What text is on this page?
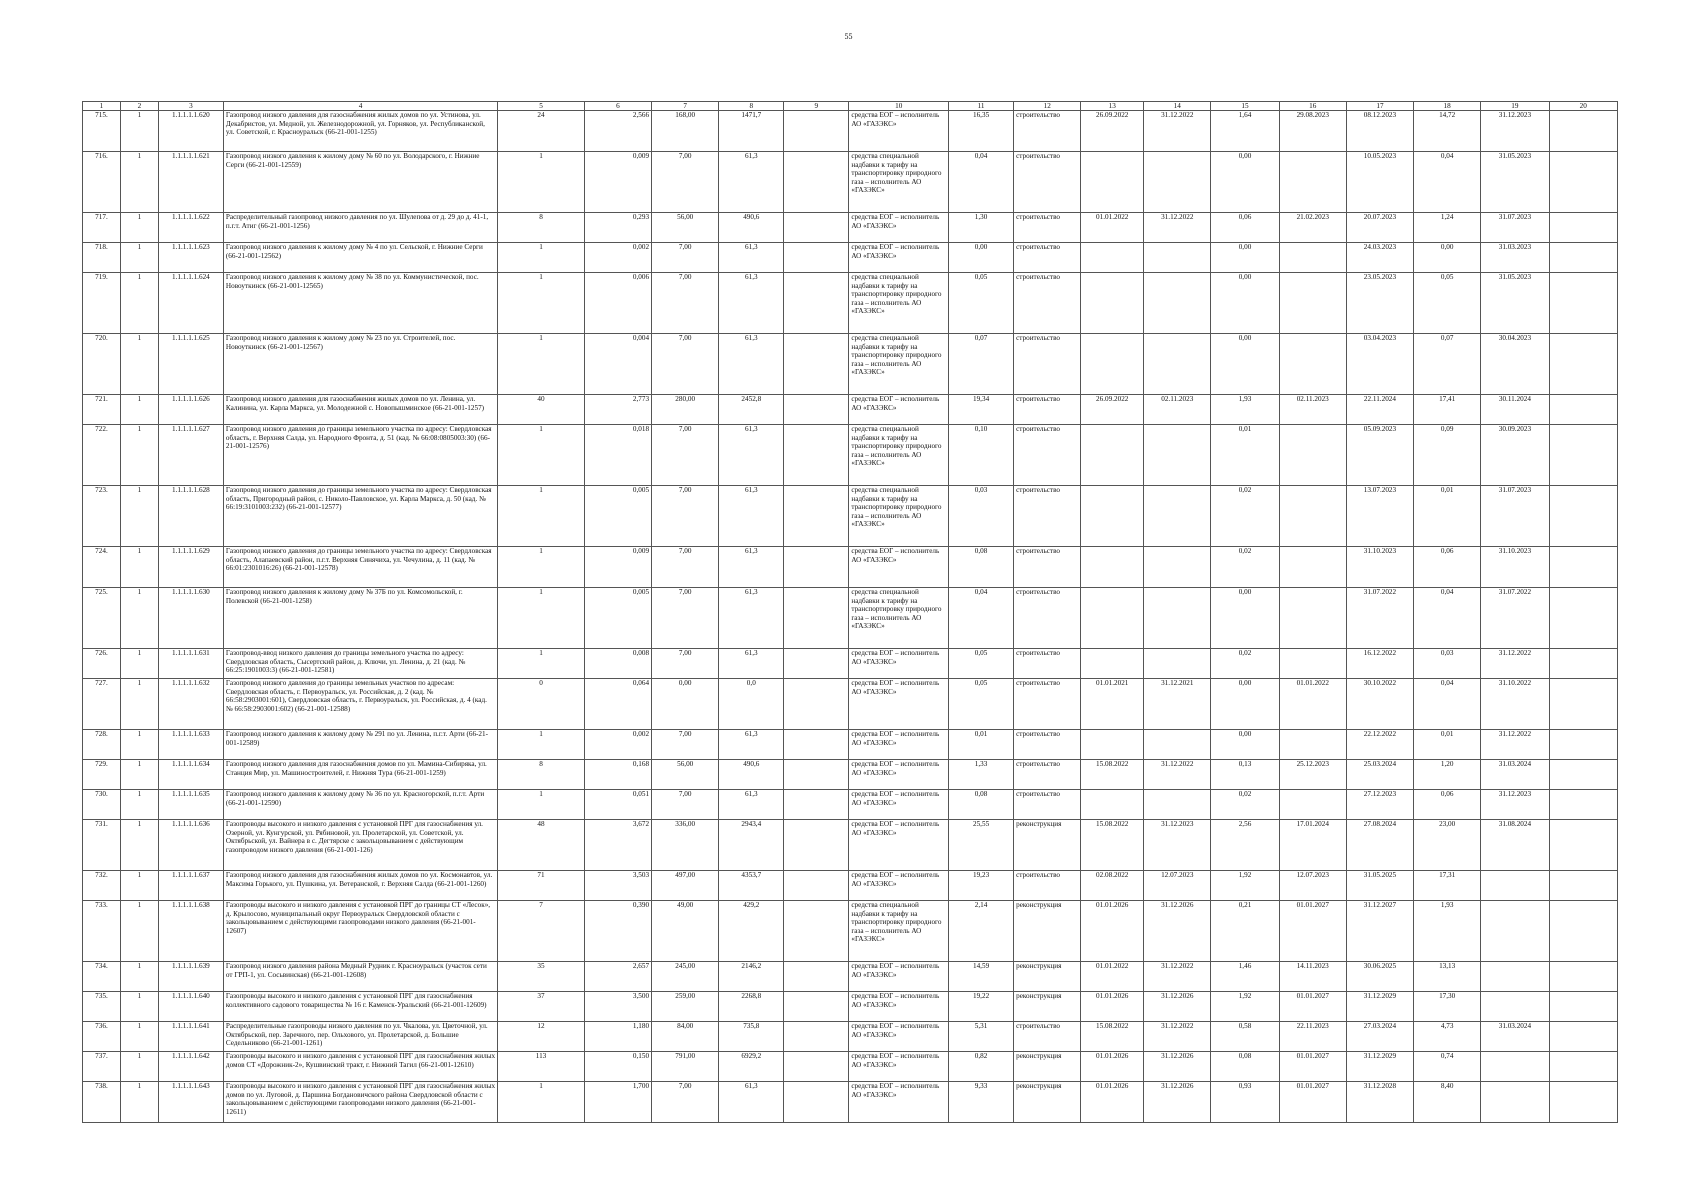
55
1	2	3	4	5	6	7	8	9	10	11	12	13	14	15	16	17	18	19	20
715.	1	1.1.1.1.1.620	Газопровод низкого давления для газоснабжения жилых домов по ул. Устинова, ул. Декабристов, ул. Медной, ул. Железнодорожной, ул. Горняков, ул. Республиканской, ул. Советской, г. Красноуральск (66-21-001-1255)	24	2,566	168,00	1471,7		средства ЕОГ – исполнитель АО «ГАЗЭКС»	16,35	строительство	26.09.2022	31.12.2022	1,64	29.08.2023	08.12.2023	14,72	31.12.2023	
716.	1	1.1.1.1.1.621	Газопровод низкого давления к жилому дому № 60 по ул. Володарского, г. Нижние Серги (66-21-001-12559)	1	0,009	7,00	61,3		средства специальной надбавки к тарифу на транспортировку природного газа – исполнитель АО «ГАЗЭКС»	0,04	строительство			0,00		10.05.2023	0,04	31.05.2023	
717.	1	1.1.1.1.1.622	Распределительный газопровод низкого давления по ул. Шулепова от д. 29 до д. 41-1, п.г.т. Атиг (66-21-001-1256)	8	0,293	56,00	490,6		средства ЕОГ – исполнитель АО «ГАЗЭКС»	1,30	строительство	01.01.2022	31.12.2022	0,06	21.02.2023	20.07.2023	1,24	31.07.2023	
718.	1	1.1.1.1.1.623	Газопровод низкого давления к жилому дому № 4 по ул. Сельской, г. Нижние Серги (66-21-001-12562)	1	0,002	7,00	61,3		средства ЕОГ – исполнитель АО «ГАЗЭКС»	0,00	строительство			0,00		24.03.2023	0,00	31.03.2023	
719.	1	1.1.1.1.1.624	Газопровод низкого давления к жилому дому № 38 по ул. Коммунистической, пос. Новоуткинск (66-21-001-12565)	1	0,006	7,00	61,3		средства специальной надбавки к тарифу на транспортировку природного газа – исполнитель АО «ГАЗЭКС»	0,05	строительство			0,00		23.05.2023	0,05	31.05.2023	
720.	1	1.1.1.1.1.625	Газопровод низкого давления к жилому дому № 23 по ул. Строителей, пос. Новоуткинск (66-21-001-12567)	1	0,004	7,00	61,3		средства специальной надбавки к тарифу на транспортировку природного газа – исполнитель АО «ГАЗЭКС»	0,07	строительство			0,00		03.04.2023	0,07	30.04.2023	
721.	1	1.1.1.1.1.626	Газопровод низкого давления для газоснабжения жилых домов по ул. Ленина, ул. Калинина, ул. Карла Маркса, ул. Молодежной с. Новопышминское (66-21-001-1257)	40	2,773	280,00	2452,8		средства ЕОГ – исполнитель АО «ГАЗЭКС»	19,34	строительство	26.09.2022	02.11.2023	1,93	02.11.2023	22.11.2024	17,41	30.11.2024	
722.	1	1.1.1.1.1.627	Газопровод низкого давления до границы земельного участка по адресу: Свердловская область, г. Верхняя Салда, ул. Народного Фронта, д. 51 (кад. № 66:08:0805003:30) (66-21-001-12576)	1	0,018	7,00	61,3		средства специальной надбавки к тарифу на транспортировку природного газа – исполнитель АО «ГАЗЭКС»	0,10	строительство			0,01		05.09.2023	0,09	30.09.2023	
723.	1	1.1.1.1.1.628	Газопровод низкого давления до границы земельного участка по адресу: Свердловская область, Пригородный район, с. Николо-Павловское, ул. Карла Маркса, д. 50 (кад. № 66:19:3101003:232) (66-21-001-12577)	1	0,005	7,00	61,3		средства специальной надбавки к тарифу на транспортировку природного газа – исполнитель АО «ГАЗЭКС»	0,03	строительство			0,02		13.07.2023	0,01	31.07.2023	
724.	1	1.1.1.1.1.629	Газопровод низкого давления до границы земельного участка по адресу: Свердловская область, Алапаевский район, п.г.т. Верхняя Синячиха, ул. Чечулина, д. 11 (кад. № 66:01:2301016:26) (66-21-001-12578)	1	0,009	7,00	61,3		средства ЕОГ – исполнитель АО «ГАЗЭКС»	0,08	строительство			0,02		31.10.2023	0,06	31.10.2023	
725.	1	1.1.1.1.1.630	Газопровод низкого давления к жилому дому № 37Б по ул. Комсомольской, г. Полевской (66-21-001-1258)	1	0,005	7,00	61,3		средства специальной надбавки к тарифу на транспортировку природного газа – исполнитель АО «ГАЗЭКС»	0,04	строительство			0,00		31.07.2022	0,04	31.07.2022	
726.	1	1.1.1.1.1.631	Газопровод-ввод низкого давления до границы земельного участка по адресу: Свердловская область, Сысертский район, д. Ключи, ул. Ленина, д. 21 (кад. № 66:25:1901003:3) (66-21-001-12581)	1	0,008	7,00	61,3		средства ЕОГ – исполнитель АО «ГАЗЭКС»	0,05	строительство			0,02		16.12.2022	0,03	31.12.2022	
727.	1	1.1.1.1.1.632	Газопровод низкого давления до границы земельных участков по адресам: Свердловская область, г. Первоуральск, ул. Российская, д. 2 (кад. № 66:58:2903001:601), Свердловская область, г. Первоуральск, ул. Российская, д. 4 (кад. № 66:58:2903001:602) (66-21-001-12588)	0	0,064	0,00	0,0		средства ЕОГ – исполнитель АО «ГАЗЭКС»	0,05	строительство	01.01.2021	31.12.2021	0,00	01.01.2022	30.10.2022	0,04	31.10.2022	
728.	1	1.1.1.1.1.633	Газопровод низкого давления к жилому дому № 291 по ул. Ленина, п.г.т. Арти (66-21-001-12589)	1	0,002	7,00	61,3		средства ЕОГ – исполнитель АО «ГАЗЭКС»	0,01	строительство			0,00		22.12.2022	0,01	31.12.2022	
729.	1	1.1.1.1.1.634	Газопровод низкого давления для газоснабжения домов по ул. Мамина-Сибиряка, ул. Станция Мир, ул. Машиностроителей, г. Нижняя Тура (66-21-001-1259)	8	0,168	56,00	490,6		средства ЕОГ – исполнитель АО «ГАЗЭКС»	1,33	строительство	15.08.2022	31.12.2022	0,13	25.12.2023	25.03.2024	1,20	31.03.2024	
730.	1	1.1.1.1.1.635	Газопровод низкого давления к жилому дому № 36 по ул. Красногорской, п.г.т. Арти (66-21-001-12590)	1	0,051	7,00	61,3		средства ЕОГ – исполнитель АО «ГАЗЭКС»	0,08	строительство			0,02		27.12.2023	0,06	31.12.2023	
731.	1	1.1.1.1.1.636	Газопроводы высокого и низкого давления с установкой ПРГ для газоснабжения ул. Озерной, ул. Кунгурской, ул. Рябиновой, ул. Пролетарской, ул. Советской, ул. Октябрьской, ул. Вайнера в с. Дегтярске с закольцовыванием с действующим газопроводом низкого давления (66-21-001-126)	48	3,672	336,00	2943,4		средства ЕОГ – исполнитель АО «ГАЗЭКС»	25,55	реконструкция	15.08.2022	31.12.2023	2,56	17.01.2024	27.08.2024	23,00	31.08.2024	
732.	1	1.1.1.1.1.637	Газопровод низкого давления для газоснабжения жилых домов по ул. Космонавтов, ул. Максима Горького, ул. Пушкина, ул. Ветеранской, г. Верхняя Салда (66-21-001-1260)	71	3,503	497,00	4353,7		средства ЕОГ – исполнитель АО «ГАЗЭКС»	19,23	строительство	02.08.2022	12.07.2023	1,92	12.07.2023	31.05.2025	17,31		
733.	1	1.1.1.1.1.638	Газопроводы высокого и низкого давления с установкой ПРГ до границы СТ «Лесок», д. Крылосово, муниципальный округ Первоуральск Свердловской области с закольцовыванием с действующими газопроводами низкого давления (66-21-001-12607)	7	0,390	49,00	429,2		средства специальной надбавки к тарифу на транспортировку природного газа – исполнитель АО «ГАЗЭКС»	2,14	реконструкция	01.01.2026	31.12.2026	0,21	01.01.2027	31.12.2027	1,93		
734.	1	1.1.1.1.1.639	Газопровод низкого давления района Медный Рудник г. Красноуральск (участок сети от ГРП-1, ул. Сосьвинская) (66-21-001-12608)	35	2,657	245,00	2146,2		средства ЕОГ – исполнитель АО «ГАЗЭКС»	14,59	реконструкция	01.01.2022	31.12.2022	1,46	14.11.2023	30.06.2025	13,13		
735.	1	1.1.1.1.1.640	Газопроводы высокого и низкого давления с установкой ПРГ для газоснабжения коллективного садового товарищества № 16 г. Каменск-Уральский (66-21-001-12609)	37	3,500	259,00	2268,8		средства ЕОГ – исполнитель АО «ГАЗЭКС»	19,22	реконструкция	01.01.2026	31.12.2026	1,92	01.01.2027	31.12.2029	17,30		
736.	1	1.1.1.1.1.641	Распределительные газопроводы низкого давления по ул. Чкалова, ул. Цветочной, ул. Октябрьской, пер. Заречного, пер. Ольхового, ул. Пролетарской, д. Большие Седельниково (66-21-001-1261)	12	1,180	84,00	735,8		средства ЕОГ – исполнитель АО «ГАЗЭКС»	5,31	строительство	15.08.2022	31.12.2022	0,58	22.11.2023	27.03.2024	4,73	31.03.2024	
737.	1	1.1.1.1.1.642	Газопроводы высокого и низкого давления с установкой ПРГ для газоснабжения жилых домов СТ «Дорожник-2», Кушвинский тракт, г. Нижний Тагил (66-21-001-12610)	113	0,150	791,00	6929,2		средства ЕОГ – исполнитель АО «ГАЗЭКС»	0,82	реконструкция	01.01.2026	31.12.2026	0,08	01.01.2027	31.12.2029	0,74		
738.	1	1.1.1.1.1.643	Газопроводы высокого и низкого давления с установкой ПРГ для газоснабжения жилых домов по ул. Луговой, д. Паршина Богдановичского района Свердловской области с закольцовыванием с действующими газопроводами низкого давления (66-21-001-12611)	1	1,700	7,00	61,3		средства ЕОГ – исполнитель АО «ГАЗЭКС»	9,33	реконструкция	01.01.2026	31.12.2026	0,93	01.01.2027	31.12.2028	8,40		
